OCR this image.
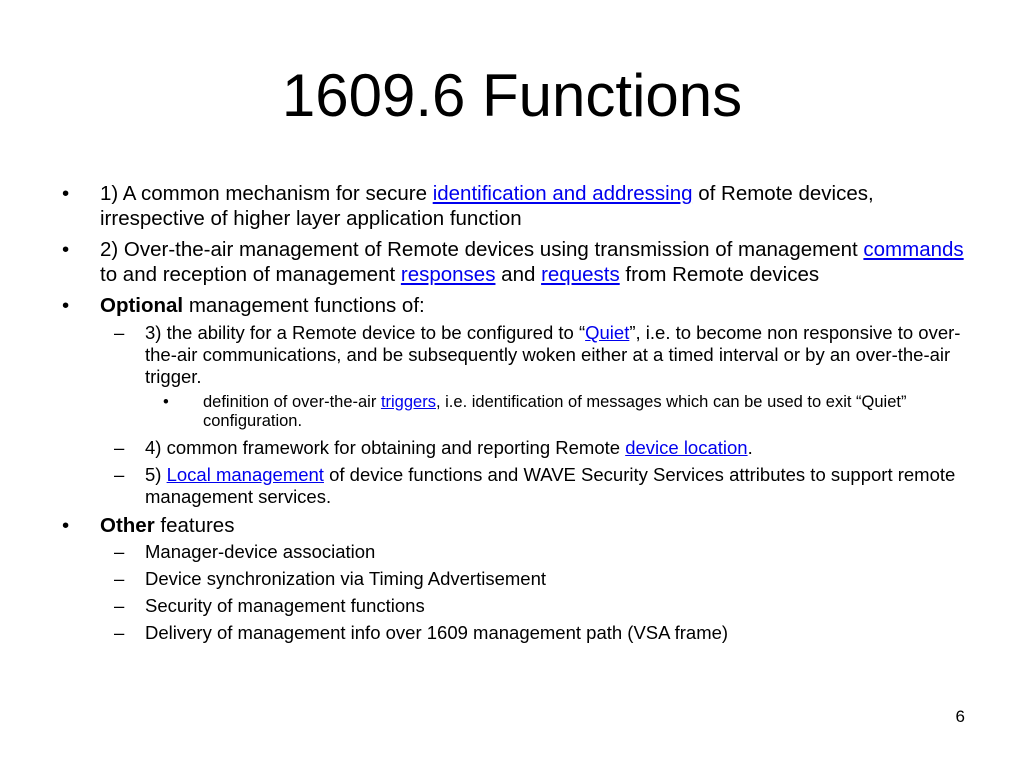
1609.6 Functions
• 1) A common mechanism for secure identification and addressing of Remote devices, irrespective of higher layer application function
• 2) Over-the-air management of Remote devices using transmission of management commands to and reception of management responses and requests from Remote devices
• Optional management functions of:
– 3) the ability for a Remote device to be configured to “Quiet”, i.e. to become non responsive to over-the-air communications, and be subsequently woken either at a timed interval or by an over-the-air trigger.
• definition of over-the-air triggers, i.e. identification of messages which can be used to exit “Quiet” configuration.
– 4) common framework for obtaining and reporting Remote device location.
– 5) Local management of device functions and WAVE Security Services attributes to support remote management services.
• Other features
– Manager-device association
– Device synchronization via Timing Advertisement
– Security of management functions
– Delivery of management info over 1609 management path (VSA frame)
6
